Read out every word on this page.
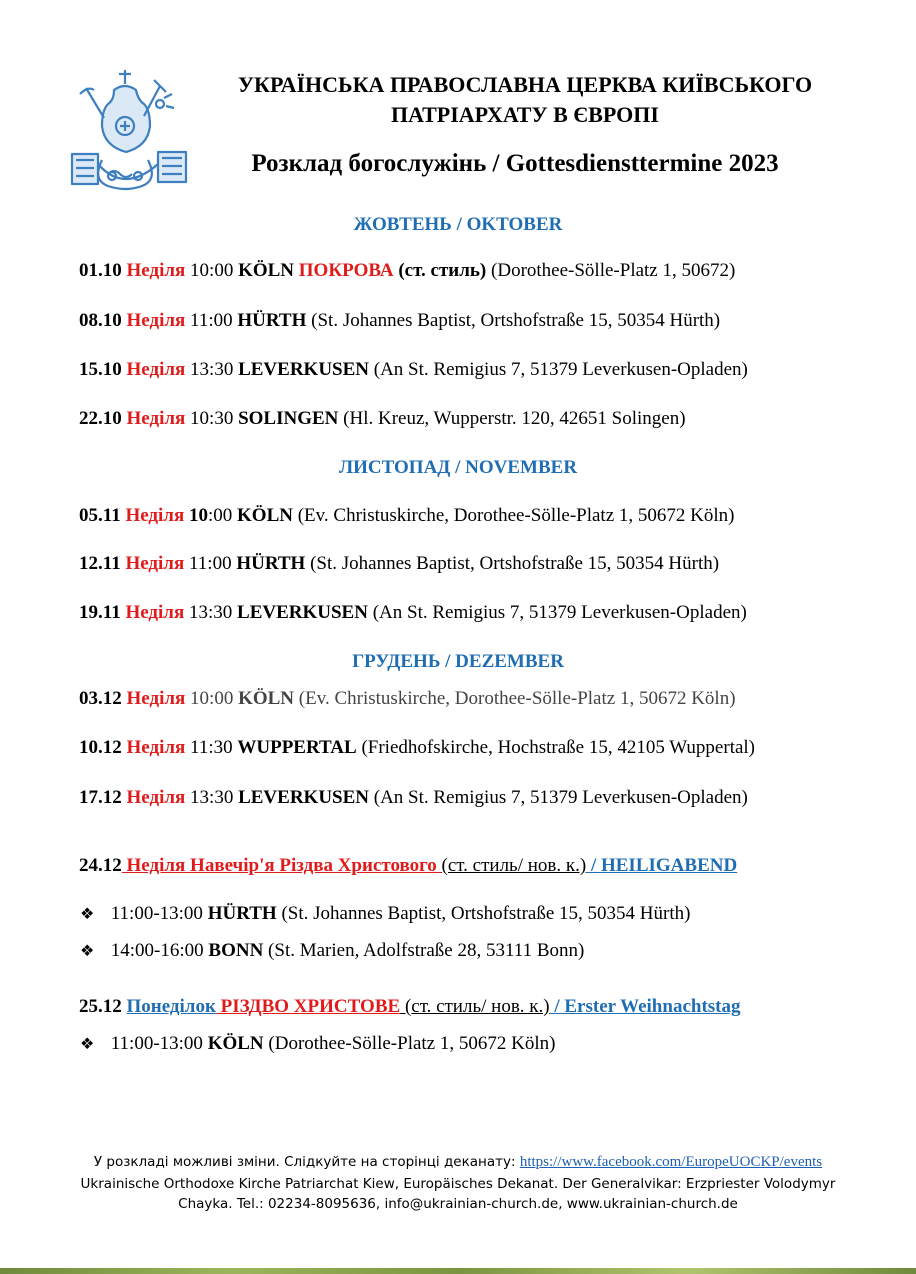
УКРАЇНСЬКА ПРАВОСЛАВНА ЦЕРКВА КИЇВСЬКОГО
ПАТРІАРХАТУ В ЄВРОПІ
Розклад богослужінь / Gottesdiensttermine 2023
ЖОВТЕНЬ / OKTOBER
01.10 Неділя 10:00 KÖLN ПОКРОВА (ст. стиль) (Dorothee-Sölle-Platz 1, 50672)
08.10 Неділя 11:00 HÜRTH (St. Johannes Baptist, Ortshofstraße 15, 50354 Hürth)
15.10 Неділя 13:30 LEVERKUSEN (An St. Remigius 7, 51379 Leverkusen-Opladen)
22.10 Неділя 10:30 SOLINGEN (Hl. Kreuz, Wupperstr. 120, 42651 Solingen)
ЛИСТОПАД / NOVEMBER
05.11 Неділя 10:00 KÖLN (Ev. Christuskirche, Dorothee-Sölle-Platz 1, 50672 Köln)
12.11 Неділя 11:00 HÜRTH (St. Johannes Baptist, Ortshofstraße 15, 50354 Hürth)
19.11 Неділя 13:30 LEVERKUSEN (An St. Remigius 7, 51379 Leverkusen-Opladen)
ГРУДЕНЬ / DEZEMBER
03.12 Неділя 10:00 KÖLN (Ev. Christuskirche, Dorothee-Sölle-Platz 1, 50672 Köln)
10.12 Неділя 11:30 WUPPERTAL (Friedhofskirche, Hochstraße 15, 42105 Wuppertal)
17.12 Неділя 13:30 LEVERKUSEN (An St. Remigius 7, 51379 Leverkusen-Opladen)
24.12 Неділя Навечір'я Різдва Христового (ст. стиль/ нов. к.) / HEILIGABEND
❖ 11:00-13:00 HÜRTH (St. Johannes Baptist, Ortshofstraße 15, 50354 Hürth)
❖ 14:00-16:00 BONN (St. Marien, Adolfstraße 28, 53111 Bonn)
25.12 Понеділок РІЗДВО ХРИСТОВЕ (ст. стиль/ нов. к.) / Erster Weihnachtstag
❖ 11:00-13:00 KÖLN (Dorothee-Sölle-Platz 1, 50672 Köln)
У розкладі можливі зміни. Слідкуйте на сторінці деканату: https://www.facebook.com/EuropeUOCKP/events
Ukrainische Orthodoxe Kirche Patriarchat Kiew, Europäisches Dekanat. Der Generalvikar: Erzpriester Volodymyr
Chayka. Tel.: 02234-8095636, info@ukrainian-church.de, www.ukrainian-church.de
